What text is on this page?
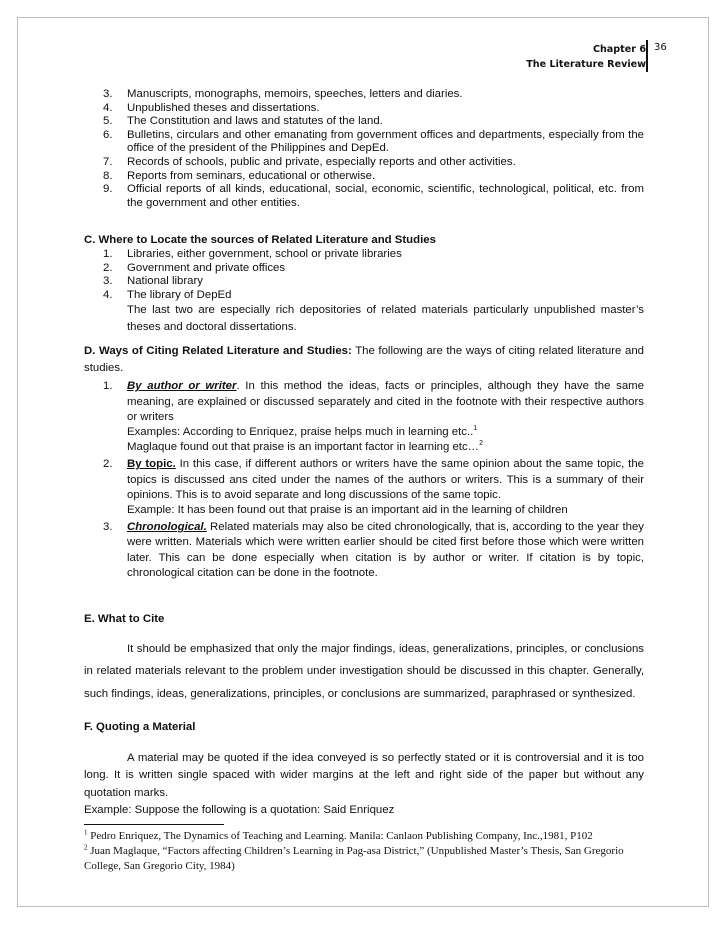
Chapter 6
The Literature Review
36
3. Manuscripts, monographs, memoirs, speeches, letters and diaries.
4. Unpublished theses and dissertations.
5. The Constitution and laws and statutes of the land.
6. Bulletins, circulars and other emanating from government offices and departments, especially from the office of the president of the Philippines and DepEd.
7. Records of schools, public and private, especially reports and other activities.
8. Reports from seminars, educational or otherwise.
9. Official reports of all kinds, educational, social, economic, scientific, technological, political, etc. from the government and other entities.

C. Where to Locate the sources of Related Literature and Studies

1. Libraries, either government, school or private libraries
2. Government and private offices
3. National library
4. The library of DepEd

The last two are especially rich depositories of related materials particularly unpublished master’s theses and doctoral dissertations.

D. Ways of Citing Related Literature and Studies: The following are the ways of citing related literature and studies.

1. By author or writer. In this method the ideas, facts or principles, although they have the same meaning, are explained or discussed separately and cited in the footnote with their respective authors or writers
Examples: According to Enriquez, praise helps much in learning etc..$^1$
Maglaque found out that praise is an important factor in learning etc…$^2$
2. By topic. In this case, if different authors or writers have the same opinion about the same topic, the topics is discussed ans cited under the names of the authors or writers. This is a summary of their opinions. This is to avoid separate and long discussions of the same topic.
Example: It has been found out that praise is an important aid in the learning of children
3. Chronological. Related materials may also be cited chronologically, that is, according to the year they were written. Materials which were written earlier should be cited first before those which were written later. This can be done especially when citation is by author or writer. If citation is by topic, chronological citation can be done in the footnote.

E. What to Cite

It should be emphasized that only the major findings, ideas, generalizations, principles, or conclusions in related materials relevant to the problem under investigation should be discussed in this chapter. Generally, such findings, ideas, generalizations, principles, or conclusions are summarized, paraphrased or synthesized.

F. Quoting a Material

A material may be quoted if the idea conveyed is so perfectly stated or it is controversial and it is too long. It is written single spaced with wider margins at the left and right side of the paper but without any quotation marks.

Example: Suppose the following is a quotation: Said Enriquez

$^1$ Pedro Enriquez, The Dynamics of Teaching and Learning. Manila: Canlaon Publishing Company, Inc.,1981, P102
$^2$ Juan Maglaque, “Factors affecting Children’s Learning in Pag-asa District,” (Unpublished Master’s Thesis, San Gregorio College, San Gregorio City, 1984)
